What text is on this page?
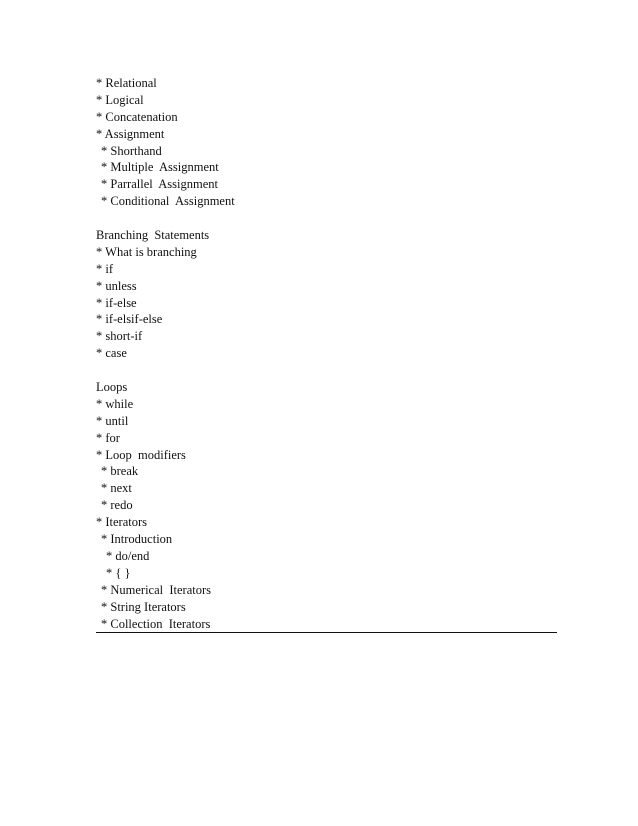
* Relational
* Logical
* Concatenation
* Assignment
* Shorthand
* Multiple  Assignment
* Parrallel  Assignment
* Conditional  Assignment
Branching  Statements
* What is branching
* if
* unless
* if-else
* if-elsif-else
* short-if
* case
Loops
* while
* until
* for
* Loop  modifiers
* break
* next
* redo
* Iterators
* Introduction
* do/end
* { }
* Numerical  Iterators
* String Iterators
* Collection  Iterators
